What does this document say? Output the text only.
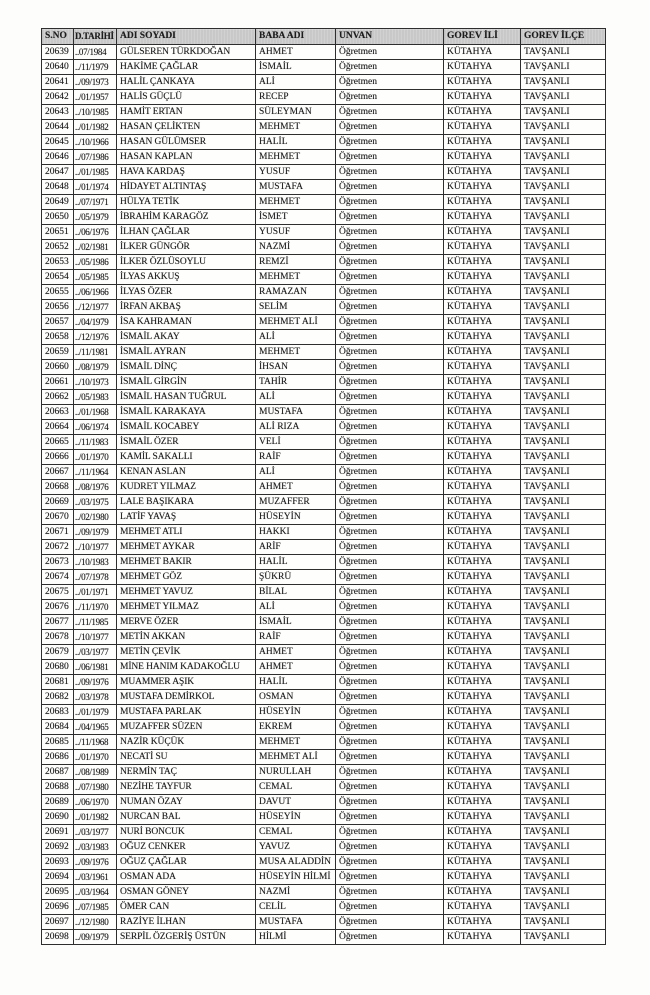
S.NO	D.TARİHİ	ADI SOYADI	BABA ADI	UNVAN	GOREV İLİ	GOREV İLÇE
20639	..07/1984	GÜLSEREN TÜRKDOĞAN	AHMET	Öğretmen	KÜTAHYA	TAVŞANLI
20640	../11/1979	HAKİME ÇAĞLAR	İSMAİL	Öğretmen	KÜTAHYA	TAVŞANLI
20641	../09/1973	HALİL ÇANKAYA	ALİ	Öğretmen	KÜTAHYA	TAVŞANLI
20642	../01/1957	HALİS GÜÇLÜ	RECEP	Öğretmen	KÜTAHYA	TAVŞANLI
20643	../10/1985	HAMİT ERTAN	SÜLEYMAN	Öğretmen	KÜTAHYA	TAVŞANLI
20644	../01/1982	HASAN ÇELİKTEN	MEHMET	Öğretmen	KÜTAHYA	TAVŞANLI
20645	../10/1966	HASAN GÜLÜMSER	HALİL	Öğretmen	KÜTAHYA	TAVŞANLI
20646	../07/1986	HASAN KAPLAN	MEHMET	Öğretmen	KÜTAHYA	TAVŞANLI
20647	../01/1985	HAVA KARDAŞ	YUSUF	Öğretmen	KÜTAHYA	TAVŞANLI
20648	../01/1974	HİDAYET ALTINTAŞ	MUSTAFA	Öğretmen	KÜTAHYA	TAVŞANLI
20649	../07/1971	HÜLYA TETİK	MEHMET	Öğretmen	KÜTAHYA	TAVŞANLI
20650	../05/1979	İBRAHİM KARAGÖZ	İSMET	Öğretmen	KÜTAHYA	TAVŞANLI
20651	../06/1976	İLHAN ÇAĞLAR	YUSUF	Öğretmen	KÜTAHYA	TAVŞANLI
20652	../02/1981	İLKER GÜNGÖR	NAZMİ	Öğretmen	KÜTAHYA	TAVŞANLI
20653	../05/1986	İLKER ÖZLÜSOYLU	REMZİ	Öğretmen	KÜTAHYA	TAVŞANLI
20654	../05/1985	İLYAS AKKUŞ	MEHMET	Öğretmen	KÜTAHYA	TAVŞANLI
20655	../06/1966	İLYAS ÖZER	RAMAZAN	Öğretmen	KÜTAHYA	TAVŞANLI
20656	../12/1977	İRFAN AKBAŞ	SELİM	Öğretmen	KÜTAHYA	TAVŞANLI
20657	../04/1979	İSA KAHRAMAN	MEHMET ALİ	Öğretmen	KÜTAHYA	TAVŞANLI
20658	../12/1976	İSMAİL AKAY	ALİ	Öğretmen	KÜTAHYA	TAVŞANLI
20659	../11/1981	İSMAİL AYRAN	MEHMET	Öğretmen	KÜTAHYA	TAVŞANLI
20660	../08/1979	İSMAİL DİNÇ	İHSAN	Öğretmen	KÜTAHYA	TAVŞANLI
20661	../10/1973	İSMAİL GİRGİN	TAHİR	Öğretmen	KÜTAHYA	TAVŞANLI
20662	../05/1983	İSMAİL HASAN TUĞRUL	ALİ	Öğretmen	KÜTAHYA	TAVŞANLI
20663	../01/1968	İSMAİL KARAKAYA	MUSTAFA	Öğretmen	KÜTAHYA	TAVŞANLI
20664	../06/1974	İSMAİL KOCABEY	ALİ RIZA	Öğretmen	KÜTAHYA	TAVŞANLI
20665	../11/1983	İSMAİL ÖZER	VELİ	Öğretmen	KÜTAHYA	TAVŞANLI
20666	../01/1970	KAMİL SAKALLI	RAİF	Öğretmen	KÜTAHYA	TAVŞANLI
20667	../11/1964	KENAN ASLAN	ALİ	Öğretmen	KÜTAHYA	TAVŞANLI
20668	../08/1976	KUDRET YILMAZ	AHMET	Öğretmen	KÜTAHYA	TAVŞANLI
20669	../03/1975	LALE BAŞIKARA	MUZAFFER	Öğretmen	KÜTAHYA	TAVŞANLI
20670	../02/1980	LATİF YAVAŞ	HÜSEYİN	Öğretmen	KÜTAHYA	TAVŞANLI
20671	../09/1979	MEHMET ATLI	HAKKI	Öğretmen	KÜTAHYA	TAVŞANLI
20672	../10/1977	MEHMET AYKAR	ARİF	Öğretmen	KÜTAHYA	TAVŞANLI
20673	../10/1983	MEHMET BAKIR	HALİL	Öğretmen	KÜTAHYA	TAVŞANLI
20674	../07/1978	MEHMET GÖZ	ŞÜKRÜ	Öğretmen	KÜTAHYA	TAVŞANLI
20675	../01/1971	MEHMET YAVUZ	BİLAL	Öğretmen	KÜTAHYA	TAVŞANLI
20676	../11/1970	MEHMET YILMAZ	ALİ	Öğretmen	KÜTAHYA	TAVŞANLI
20677	../11/1985	MERVE ÖZER	İSMAİL	Öğretmen	KÜTAHYA	TAVŞANLI
20678	../10/1977	METİN AKKAN	RAİF	Öğretmen	KÜTAHYA	TAVŞANLI
20679	../03/1977	METİN ÇEVİK	AHMET	Öğretmen	KÜTAHYA	TAVŞANLI
20680	../06/1981	MİNE HANIM KADAKOĞLU	AHMET	Öğretmen	KÜTAHYA	TAVŞANLI
20681	../09/1976	MUAMMER AŞIK	HALİL	Öğretmen	KÜTAHYA	TAVŞANLI
20682	../03/1978	MUSTAFA DEMİRKOL	OSMAN	Öğretmen	KÜTAHYA	TAVŞANLI
20683	../01/1979	MUSTAFA PARLAK	HÜSEYİN	Öğretmen	KÜTAHYA	TAVŞANLI
20684	../04/1965	MUZAFFER SÜZEN	EKREM	Öğretmen	KÜTAHYA	TAVŞANLI
20685	../11/1968	NAZİR KÜÇÜK	MEHMET	Öğretmen	KÜTAHYA	TAVŞANLI
20686	../01/1970	NECATİ SU	MEHMET ALİ	Öğretmen	KÜTAHYA	TAVŞANLI
20687	../08/1989	NERMİN TAÇ	NURULLAH	Öğretmen	KÜTAHYA	TAVŞANLI
20688	../07/1980	NEZİHE TAYFUR	CEMAL	Öğretmen	KÜTAHYA	TAVŞANLI
20689	../06/1970	NUMAN ÖZAY	DAVUT	Öğretmen	KÜTAHYA	TAVŞANLI
20690	../01/1982	NURCAN BAL	HÜSEYİN	Öğretmen	KÜTAHYA	TAVŞANLI
20691	../03/1977	NURİ BONCUK	CEMAL	Öğretmen	KÜTAHYA	TAVŞANLI
20692	../03/1983	OĞUZ CENKER	YAVUZ	Öğretmen	KÜTAHYA	TAVŞANLI
20693	../09/1976	OĞUZ ÇAĞLAR	MUSA ALADDİN	Öğretmen	KÜTAHYA	TAVŞANLI
20694	../03/1961	OSMAN ADA	HÜSEYİN HİLMİ	Öğretmen	KÜTAHYA	TAVŞANLI
20695	../03/1964	OSMAN GÖNEY	NAZMİ	Öğretmen	KÜTAHYA	TAVŞANLI
20696	../07/1985	ÖMER CAN	CELİL	Öğretmen	KÜTAHYA	TAVŞANLI
20697	../12/1980	RAZİYE İLHAN	MUSTAFA	Öğretmen	KÜTAHYA	TAVŞANLI
20698	../09/1979	SERPİL ÖZGERİŞ ÜSTÜN	HİLMİ	Öğretmen	KÜTAHYA	TAVŞANLI
